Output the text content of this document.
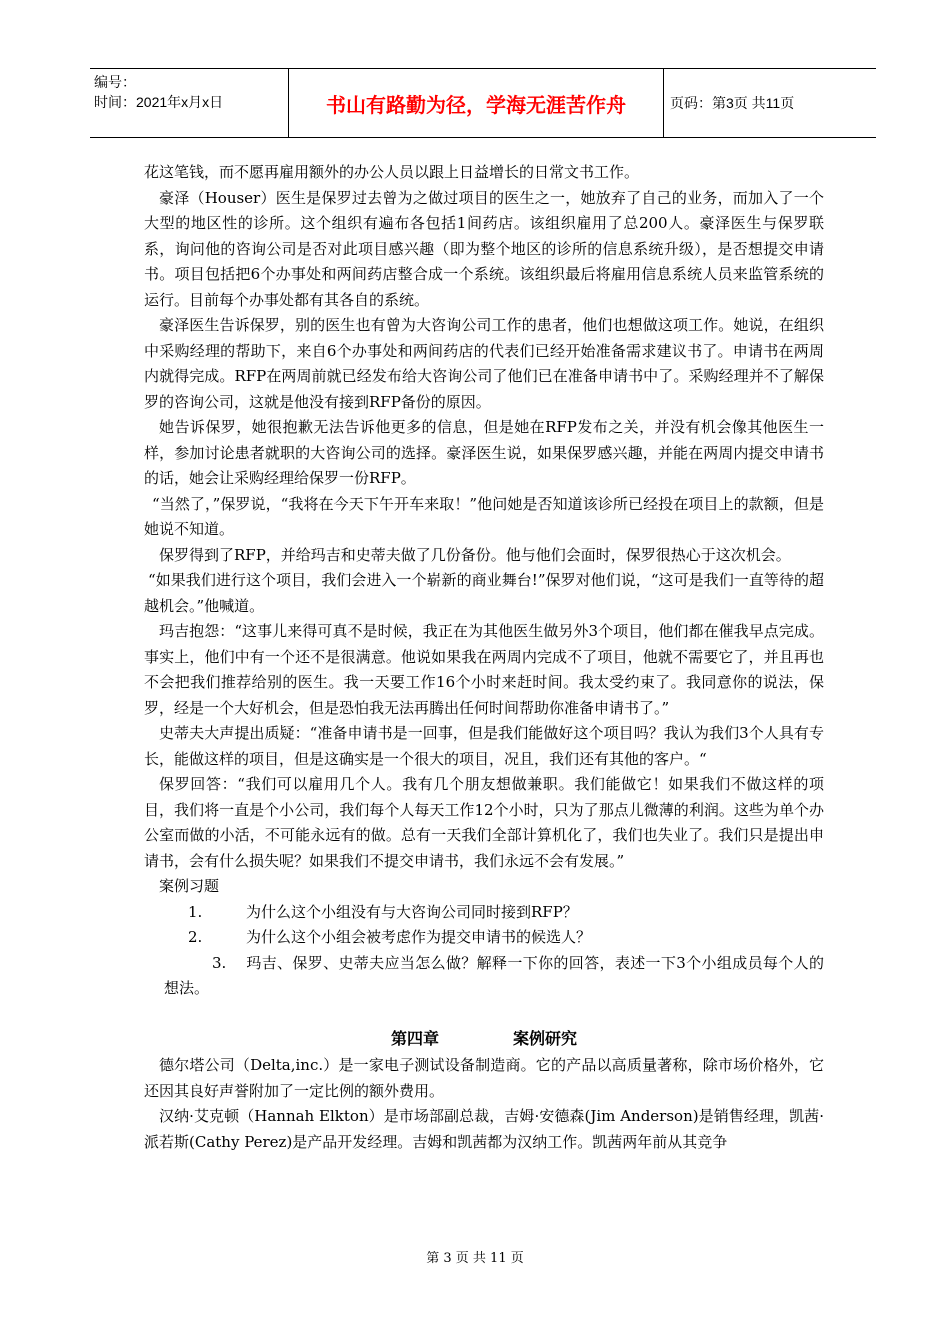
编号：
时间：2021年x月x日	书山有路勤为径，学海无涯苦作舟	页码：第3页 共11页

花这笔钱，而不愿再雇用额外的办公人员以跟上日益增长的日常文书工作。

豪泽（Houser）医生是保罗过去曾为之做过项目的医生之一，她放弃了自己的业务，而加入了一个大型的地区性的诊所。这个组织有遍布各包括1间药店。该组织雇用了总200人。豪泽医生与保罗联系，询问他的咨询公司是否对此项目感兴趣（即为整个地区的诊所的信息系统升级），是否想提交申请书。项目包括把6个办事处和两间药店整合成一个系统。该组织最后将雇用信息系统人员来监管系统的运行。目前每个办事处都有其各自的系统。

豪泽医生告诉保罗，别的医生也有曾为大咨询公司工作的患者，他们也想做这项工作。她说，在组织中采购经理的帮助下，来自6个办事处和两间药店的代表们已经开始准备需求建议书了。申请书在两周内就得完成。RFP在两周前就已经发布给大咨询公司了他们已在准备申请书中了。采购经理并不了解保罗的咨询公司，这就是他没有接到RFP备份的原因。

她告诉保罗，她很抱歉无法告诉他更多的信息，但是她在RFP发布之关，并没有机会像其他医生一样，参加讨论患者就职的大咨询公司的选择。豪泽医生说，如果保罗感兴趣，并能在两周内提交申请书的话，她会让采购经理给保罗一份RFP。

“当然了，”保罗说，“我将在今天下午开车来取！”他问她是否知道该诊所已经投在项目上的款额，但是她说不知道。

保罗得到了RFP，并给玛吉和史蒂夫做了几份备份。他与他们会面时，保罗很热心于这次机会。

“如果我们进行这个项目，我们会进入一个崭新的商业舞台!”保罗对他们说，“这可是我们一直等待的超越机会。”他喊道。

玛吉抱怨：“这事儿来得可真不是时候，我正在为其他医生做另外3个项目，他们都在催我早点完成。事实上，他们中有一个还不是很满意。他说如果我在两周内完成不了项目，他就不需要它了，并且再也不会把我们推荐给别的医生。我一天要工作16个小时来赶时间。我太受约束了。我同意你的说法，保罗，经是一个大好机会，但是恐怕我无法再腾出任何时间帮助你准备申请书了。”

史蒂夫大声提出质疑：“准备申请书是一回事，但是我们能做好这个项目吗？我认为我们3个人具有专长，能做这样的项目，但是这确实是一个很大的项目，况且，我们还有其他的客户。“

保罗回答：“我们可以雇用几个人。我有几个朋友想做兼职。我们能做它！如果我们不做这样的项目，我们将一直是个小公司，我们每个人每天工作12个小时，只为了那点儿微薄的利润。这些为单个办公室而做的小活，不可能永远有的做。总有一天我们全部计算机化了，我们也失业了。我们只是提出申请书，会有什么损失呢？如果我们不提交申请书，我们永远不会有发展。”

案例习题

1.	为什么这个小组没有与大咨询公司同时接到RFP？

2.	为什么这个小组会被考虑作为提交申请书的候选人？

3. 玛吉、保罗、史蒂夫应当怎么做？解释一下你的回答，表述一下3个小组成员每个人的想法。

第四章	案例研究

德尔塔公司（Delta,inc.）是一家电子测试设备制造商。它的产品以高质量著称，除市场价格外，它还因其良好声誉附加了一定比例的额外费用。

汉纳·艾克顿（Hannah Elkton）是市场部副总裁，吉姆·安德森(Jim Anderson)是销售经理，凯茜·派若斯(Cathy Perez)是产品开发经理。吉姆和凯茜都为汉纳工作。凯茜两年前从其竞争

第 3 页 共 11 页
